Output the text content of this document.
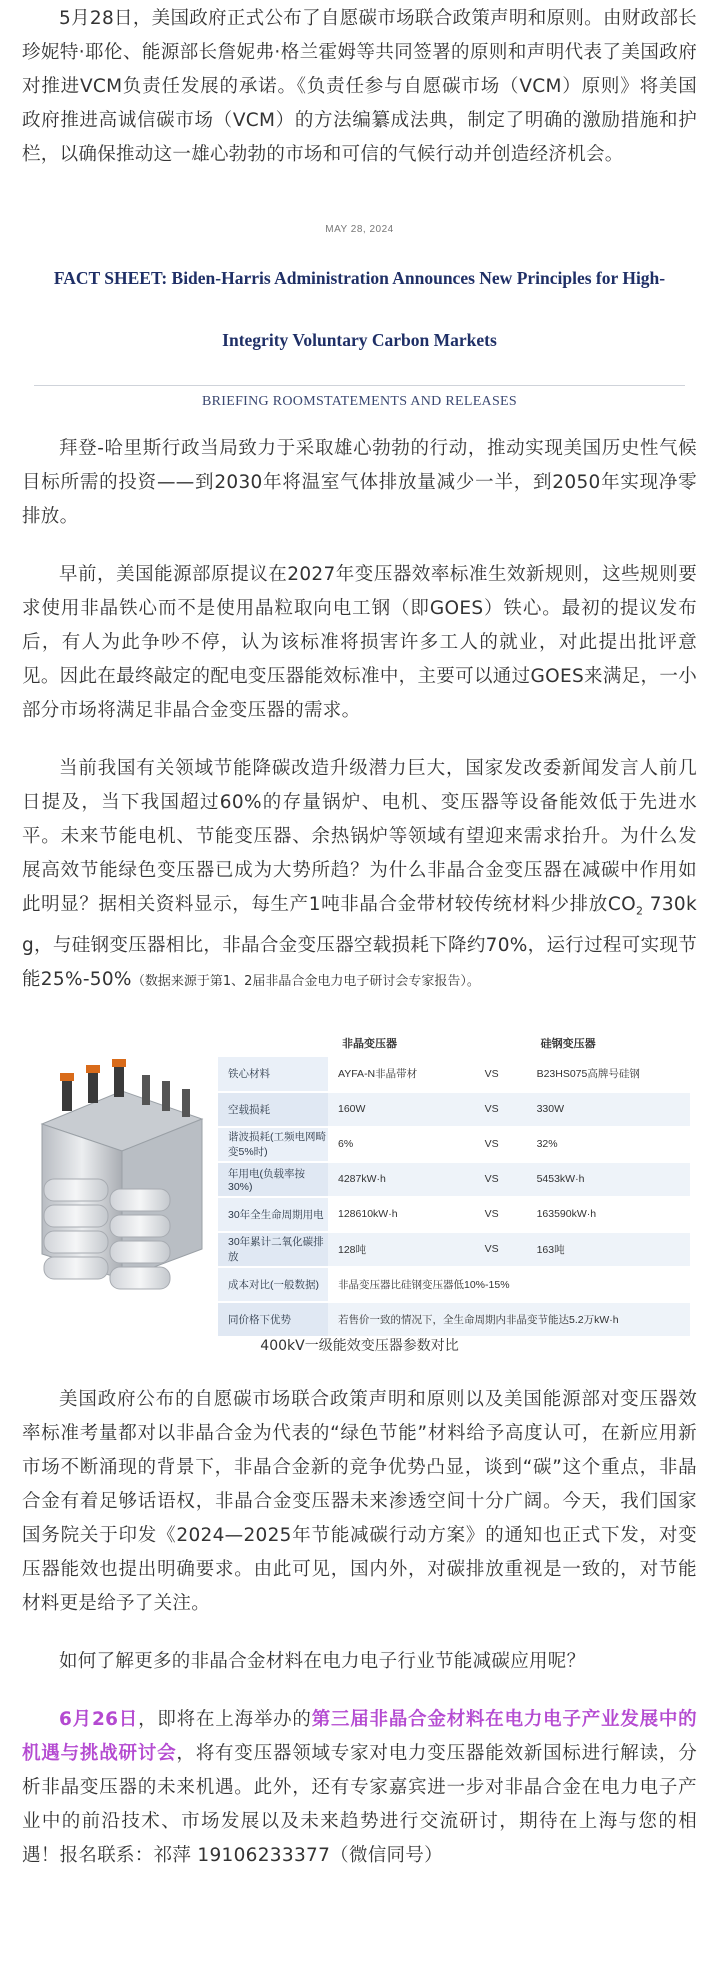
5月28日，美国政府正式公布了自愿碳市场联合政策声明和原则。由财政部长珍妮特·耶伦、能源部长詹妮弗·格兰霍姆等共同签署的原则和声明代表了美国政府对推进VCM负责任发展的承诺。《负责任参与自愿碳市场（VCM）原则》将美国政府推进高诚信碳市场（VCM）的方法编纂成法典，制定了明确的激励措施和护栏，以确保推动这一雄心勃勃的市场和可信的气候行动并创造经济机会。

MAY 28, 2024

FACT SHEET: Biden-Harris Administration Announces New Principles for High-Integrity Voluntary Carbon Markets

BRIEFING ROOMSTATEMENTS AND RELEASES

拜登-哈里斯行政当局致力于采取雄心勃勃的行动，推动实现美国历史性气候目标所需的投资——到2030年将温室气体排放量减少一半，到2050年实现净零排放。

早前，美国能源部原提议在2027年变压器效率标准生效新规则，这些规则要求使用非晶铁心而不是使用晶粒取向电工钢（即GOES）铁心。最初的提议发布后，有人为此争吵不停，认为该标准将损害许多工人的就业，对此提出批评意见。因此在最终敲定的配电变压器能效标准中，主要可以通过GOES来满足，一小部分市场将满足非晶合金变压器的需求。

当前我国有关领域节能降碳改造升级潜力巨大，国家发改委新闻发言人前几日提及，当下我国超过60%的存量锅炉、电机、变压器等设备能效低于先进水平。未来节能电机、节能变压器、余热锅炉等领域有望迎来需求抬升。为什么发展高效节能绿色变压器已成为大势所趋？为什么非晶合金变压器在减碳中作用如此明显？据相关资料显示，每生产1吨非晶合金带材较传统材料少排放$CO_2$ 730kg，与硅钢变压器相比，非晶合金变压器空载损耗下降约70%，运行过程可实现节能25%-50%（数据来源于第1、2届非晶合金电力电子研讨会专家报告）。

	非晶变压器		硅钢变压器
铁心材料	AYFA-N非晶带材	VS	B23HS075高牌号硅钢
空载损耗	160W	VS	330W
谐波损耗(工频电网畸变5%时)	6%	VS	32%
年用电(负载率按30%)	4287kW·h	VS	5453kW·h
30年全生命周期用电	128610kW·h	VS	163590kW·h
30年累计二氧化碳排放	128吨	VS	163吨
成本对比(一般数据)	非晶变压器比硅钢变压器低10%-15%		
同价格下优势	若售价一致的情况下，全生命周期内非晶变节能达5.2万kW·h		

400kV一级能效变压器参数对比

美国政府公布的自愿碳市场联合政策声明和原则以及美国能源部对变压器效率标准考量都对以非晶合金为代表的“绿色节能”材料给予高度认可，在新应用新市场不断涌现的背景下，非晶合金新的竞争优势凸显，谈到“碳”这个重点，非晶合金有着足够话语权，非晶合金变压器未来渗透空间十分广阔。今天，我们国家国务院关于印发《2024—2025年节能减碳行动方案》的通知也正式下发，对变压器能效也提出明确要求。由此可见，国内外，对碳排放重视是一致的，对节能材料更是给予了关注。

如何了解更多的非晶合金材料在电力电子行业节能减碳应用呢？

6月26日，即将在上海举办的第三届非晶合金材料在电力电子产业发展中的机遇与挑战研讨会，将有变压器领域专家对电力变压器能效新国标进行解读，分析非晶变压器的未来机遇。此外，还有专家嘉宾进一步对非晶合金在电力电子产业中的前沿技术、市场发展以及未来趋势进行交流研讨，期待在上海与您的相遇！报名联系：祁萍 19106233377（微信同号）
